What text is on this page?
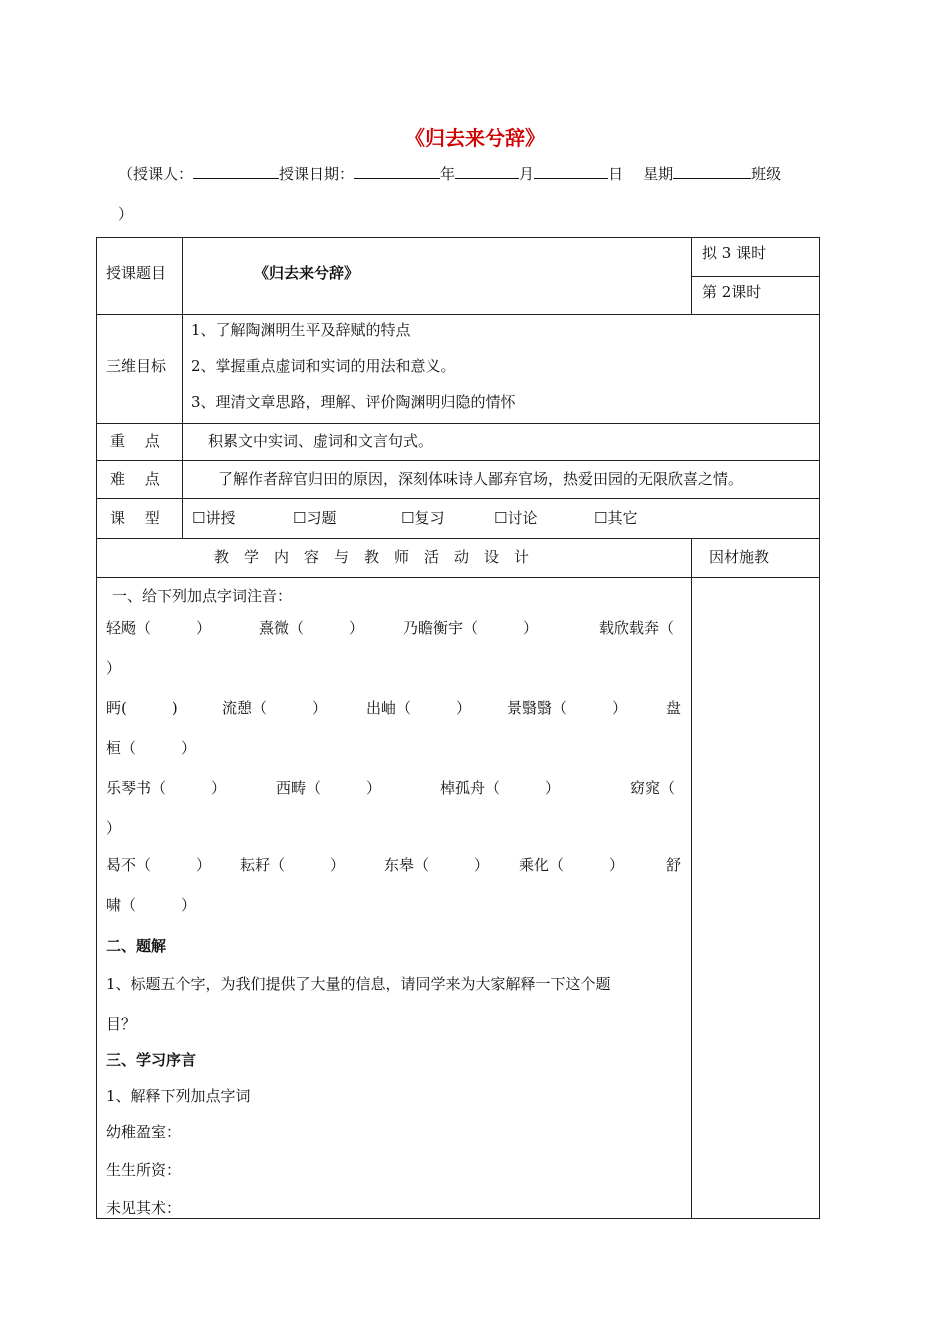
《归去来兮辞》
（授课人：	授课日期：	年	月	日 星期	班级
）
授课题目	《归去来兮辞》
拟 3 课时
第 2课时
三维目标
1、了解陶渊明生平及辞赋的特点
2、掌握重点虚词和实词的用法和意义。
3、理清文章思路，理解、评价陶渊明归隐的情怀
重　 点	积累文中实词、虚词和文言句式。
难　 点	了解作者辞官归田的原因，深刻体味诗人鄙弃官场，热爱田园的无限欣喜之情。
课　 型 ☐讲授	☐习题	☐复习	☐讨论	☐其它
教　学　内　容　与　教　师　活　动　设　计	因材施教
一、给下列加点字词注音：
轻飏（　　　）	熹微（　　　）	乃瞻衡宇（　　　）	载欣载奔（
）
眄(　　　)	流憩（　　　）	出岫（　　　） 景翳翳（　　　）	盘
桓（　　　）
乐琴书（　　　）	西畴（　　　）	棹孤舟（　　　）	窈窕（
）
曷不（　　　） 耘耔（　　　）	东皋（　　　） 乘化（　　　）	舒
啸（　　　）
二、题解
1、标题五个字，为我们提供了大量的信息，请同学来为大家解释一下这个题
目？
三、学习序言
1、解释下列加点字词
幼稚盈室：
生生所资：
未见其术：
